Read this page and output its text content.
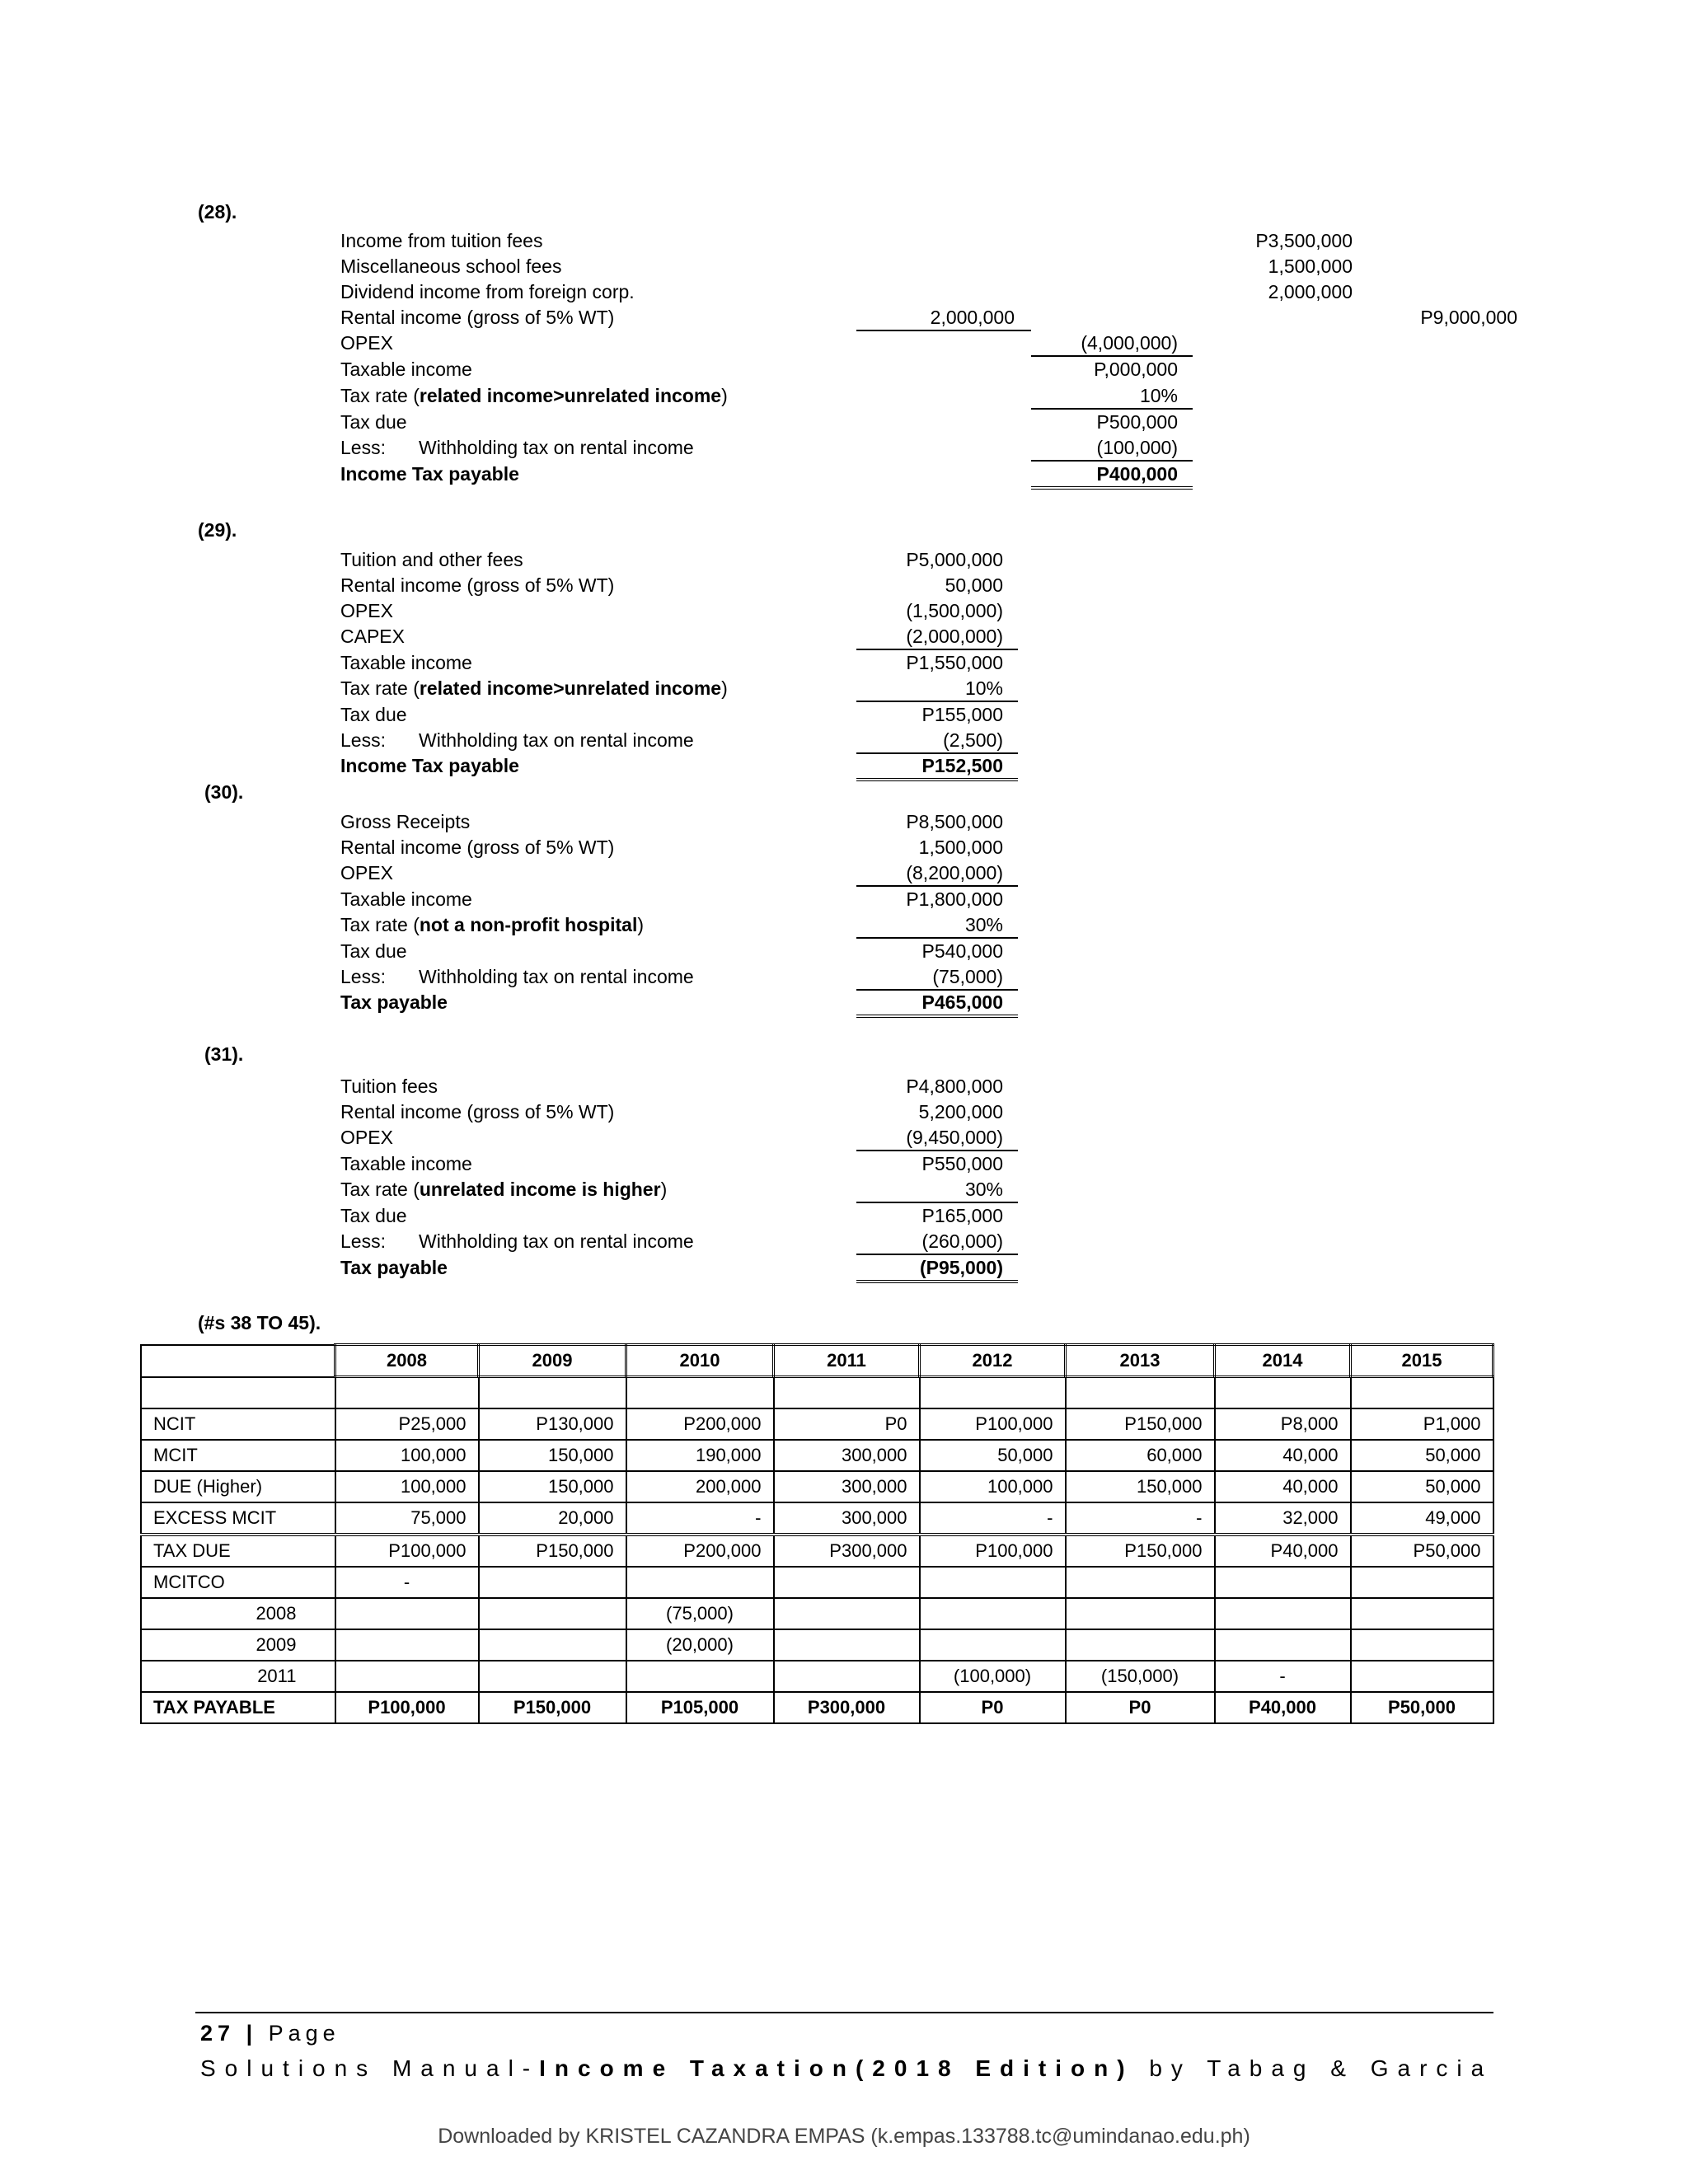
(28).
Income from tuition fees	P3,500,000
Miscellaneous school fees	1,500,000
Dividend income from foreign corp.	2,000,000
Rental income (gross of 5% WT)	2,000,000	P9,000,000
OPEX	(4,000,000)
Taxable income	P,000,000
Tax rate (related income>unrelated income)	10%
Tax due	P500,000
Less: Withholding tax on rental income	(100,000)
Income Tax payable	P400,000
(29).
Tuition and other fees	P5,000,000
Rental income (gross of 5% WT)	50,000
OPEX	(1,500,000)
CAPEX	(2,000,000)
Taxable income	P1,550,000
Tax rate (related income>unrelated income)	10%
Tax due	P155,000
Less: Withholding tax on rental income	(2,500)
Income Tax payable	P152,500
(30).
Gross Receipts	P8,500,000
Rental income (gross of 5% WT)	1,500,000
OPEX	(8,200,000)
Taxable income	P1,800,000
Tax rate (not a non-profit hospital)	30%
Tax due	P540,000
Less: Withholding tax on rental income	(75,000)
Tax payable	P465,000
(31).
Tuition fees	P4,800,000
Rental income (gross of 5% WT)	5,200,000
OPEX	(9,450,000)
Taxable income	P550,000
Tax rate (unrelated income is higher)	30%
Tax due	P165,000
Less: Withholding tax on rental income	(260,000)
Tax payable	(P95,000)
(#s 38 TO 45).
	2008	2009	2010	2011	2012	2013	2014	2015

NCIT	P25,000	P130,000	P200,000	P0	P100,000	P150,000	P8,000	P1,000
MCIT	100,000	150,000	190,000	300,000	50,000	60,000	40,000	50,000
DUE (Higher)	100,000	150,000	200,000	300,000	100,000	150,000	40,000	50,000
EXCESS MCIT	75,000	20,000	-	300,000	-	-	32,000	49,000
TAX DUE	P100,000	P150,000	P200,000	P300,000	P100,000	P150,000	P40,000	P50,000
MCITCO	-							
2008			(75,000)					
2009			(20,000)					
2011					(100,000)	(150,000)	-	
TAX PAYABLE	P100,000	P150,000	P105,000	P300,000	P0	P0	P40,000	P50,000
27 | Page
Solutions Manual-Income Taxation(2018 Edition) by Tabag & Garcia
Downloaded by KRISTEL CAZANDRA EMPAS (k.empas.133788.tc@umindanao.edu.ph)
